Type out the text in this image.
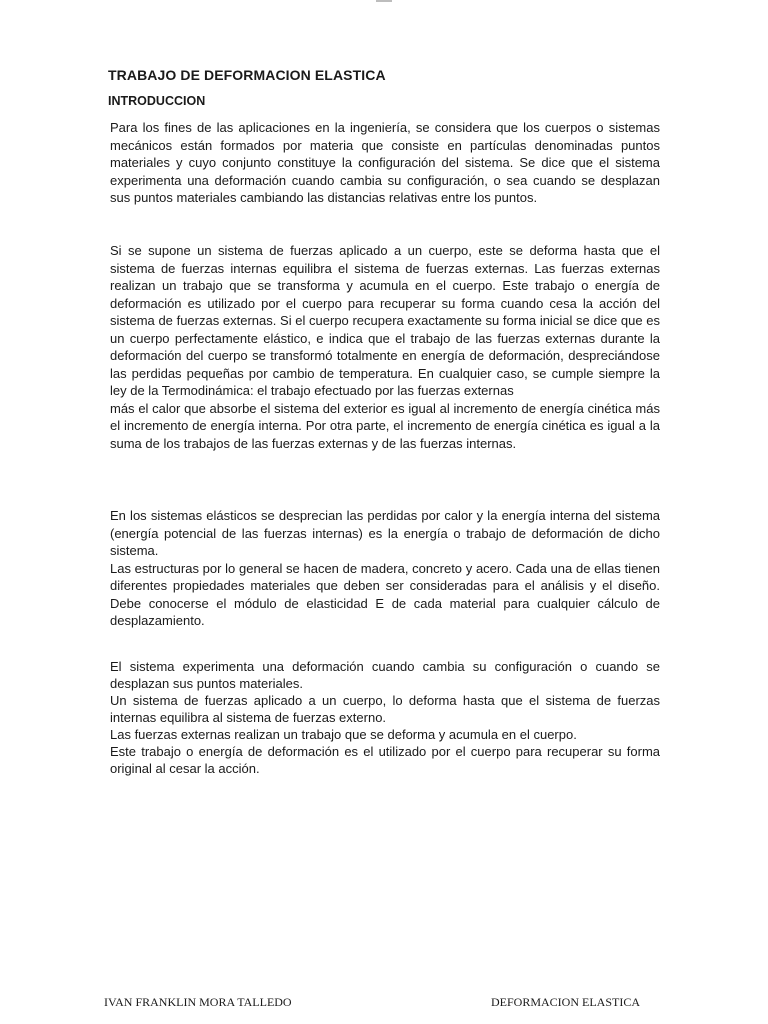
TRABAJO DE DEFORMACION ELASTICA
INTRODUCCION

Para los fines de las aplicaciones en la ingeniería, se considera que los cuerpos o sistemas mecánicos están formados por materia que consiste en partículas denominadas puntos materiales y cuyo conjunto constituye la configuración del sistema. Se dice que el sistema experimenta una deformación cuando cambia su configuración, o sea cuando se desplazan sus puntos materiales cambiando las distancias relativas entre los puntos.

Si se supone un sistema de fuerzas aplicado a un cuerpo, este se deforma hasta que el sistema de fuerzas internas equilibra el sistema de fuerzas externas. Las fuerzas externas realizan un trabajo que se transforma y acumula en el cuerpo. Este trabajo o energía de deformación es utilizado por el cuerpo para recuperar su forma cuando cesa la acción del sistema de fuerzas externas. Si el cuerpo recupera exactamente su forma inicial se dice que es un cuerpo perfectamente elástico, e indica que el trabajo de las fuerzas externas durante la deformación del cuerpo se transformó totalmente en energía de deformación, despreciándose las perdidas pequeñas por cambio de temperatura. En cualquier caso, se cumple siempre la ley de la Termodinámica: el trabajo efectuado por las fuerzas externas

más el calor que absorbe el sistema del exterior es igual al incremento de energía cinética más el incremento de energía interna. Por otra parte, el incremento de energía cinética es igual a la suma de los trabajos de las fuerzas externas y de las fuerzas internas.

En los sistemas elásticos se desprecian las perdidas por calor y la energía interna del sistema (energía potencial de las fuerzas internas) es la energía o trabajo de deformación de dicho sistema.

Las estructuras por lo general se hacen de madera, concreto y acero. Cada una de ellas tienen diferentes propiedades materiales que deben ser consideradas para el análisis y el diseño. Debe conocerse el módulo de elasticidad E de cada material para cualquier cálculo de desplazamiento.

El sistema experimenta una deformación cuando cambia su configuración o cuando se desplazan sus puntos materiales.

Un sistema de fuerzas aplicado a un cuerpo, lo deforma hasta que el sistema de fuerzas internas equilibra al sistema de fuerzas externo.

Las fuerzas externas realizan un trabajo que se deforma y acumula en el cuerpo.

Este trabajo o energía de deformación es el utilizado por el cuerpo para recuperar su forma original al cesar la acción.

IVAN FRANKLIN MORA TALLEDO	DEFORMACION ELASTICA
